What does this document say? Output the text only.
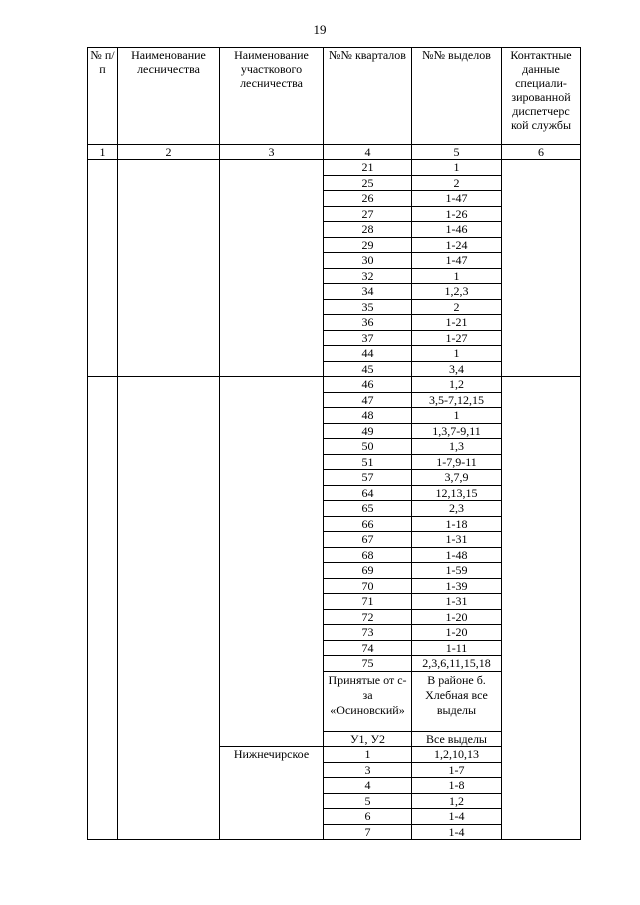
19
№ п/п	Наименование лесничества	Наименование участкового лесничества	№№ кварталов	№№ выделов	Контактные данные специали-зированной диспетчерс кой службы
1	2	3	4	5	6
			21	1	
			25	2	
			26	1-47	
			27	1-26	
			28	1-46	
			29	1-24	
			30	1-47	
			32	1	
			34	1,2,3	
			35	2	
			36	1-21	
			37	1-27	
			44	1	
			45	3,4	
			46	1,2	
			47	3,5-7,12,15	
			48	1	
			49	1,3,7-9,11	
			50	1,3	
			51	1-7,9-11	
			57	3,7,9	
			64	12,13,15	
			65	2,3	
			66	1-18	
			67	1-31	
			68	1-48	
			69	1-59	
			70	1-39	
			71	1-31	
			72	1-20	
			73	1-20	
			74	1-11	
			75	2,3,6,11,15,18	
			Принятые от с-за «Осиновский»	В районе б. Хлебная все выделы	
			У1, У2	Все выделы	
		Нижнечирское	1	1,2,10,13	
			3	1-7	
			4	1-8	
			5	1,2	
			6	1-4	
			7	1-4	
